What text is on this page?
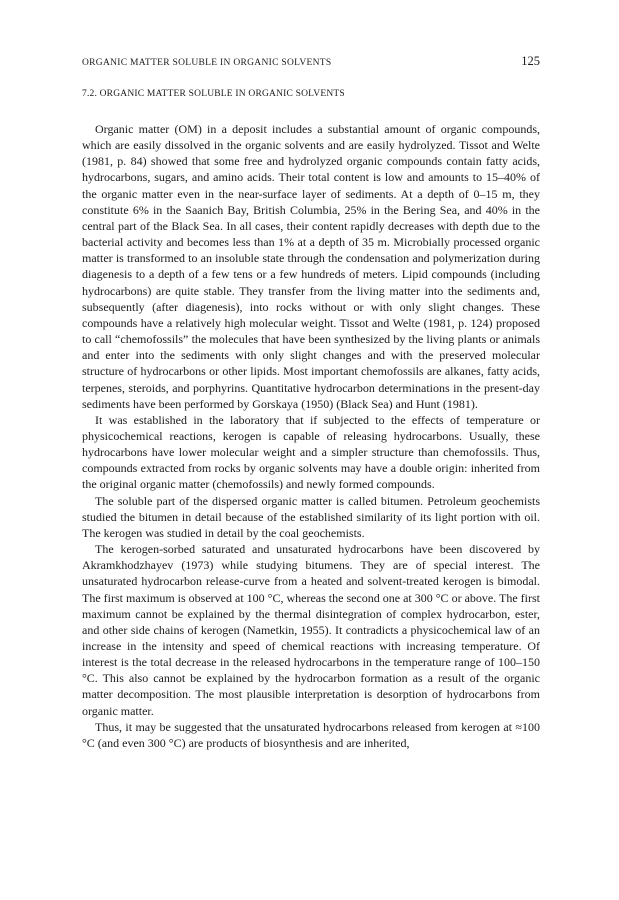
ORGANIC MATTER SOLUBLE IN ORGANIC SOLVENTS	125
7.2. ORGANIC MATTER SOLUBLE IN ORGANIC SOLVENTS

Organic matter (OM) in a deposit includes a substantial amount of organic compounds, which are easily dissolved in the organic solvents and are easily hydrolyzed. Tissot and Welte (1981, p. 84) showed that some free and hydrolyzed organic compounds contain fatty acids, hydrocarbons, sugars, and amino acids. Their total content is low and amounts to 15–40% of the organic matter even in the near-surface layer of sediments. At a depth of 0–15 m, they constitute 6% in the Saanich Bay, British Columbia, 25% in the Bering Sea, and 40% in the central part of the Black Sea. In all cases, their content rapidly decreases with depth due to the bacterial activity and becomes less than 1% at a depth of 35 m. Microbially processed organic matter is transformed to an insoluble state through the condensation and polymerization during diagenesis to a depth of a few tens or a few hundreds of meters. Lipid compounds (including hydrocarbons) are quite stable. They transfer from the living matter into the sediments and, subsequently (after diagenesis), into rocks without or with only slight changes. These compounds have a relatively high molecular weight. Tissot and Welte (1981, p. 124) proposed to call “chemofossils” the molecules that have been synthesized by the living plants or animals and enter into the sediments with only slight changes and with the preserved molecular structure of hydrocarbons or other lipids. Most important chemofossils are alkanes, fatty acids, terpenes, steroids, and porphyrins. Quantitative hydrocarbon determinations in the present-day sediments have been performed by Gorskaya (1950) (Black Sea) and Hunt (1981).

It was established in the laboratory that if subjected to the effects of temperature or physicochemical reactions, kerogen is capable of releasing hydrocarbons. Usually, these hydrocarbons have lower molecular weight and a simpler structure than chemofossils. Thus, compounds extracted from rocks by organic solvents may have a double origin: inherited from the original organic matter (chemofossils) and newly formed compounds.

The soluble part of the dispersed organic matter is called bitumen. Petroleum geochemists studied the bitumen in detail because of the established similarity of its light portion with oil. The kerogen was studied in detail by the coal geochemists.

The kerogen-sorbed saturated and unsaturated hydrocarbons have been discovered by Akramkhodzhayev (1973) while studying bitumens. They are of special interest. The unsaturated hydrocarbon release-curve from a heated and solvent-treated kerogen is bimodal. The first maximum is observed at 100 °C, whereas the second one at 300 °C or above. The first maximum cannot be explained by the thermal disintegration of complex hydrocarbon, ester, and other side chains of kerogen (Nametkin, 1955). It contradicts a physicochemical law of an increase in the intensity and speed of chemical reactions with increasing temperature. Of interest is the total decrease in the released hydrocarbons in the temperature range of 100–150 °C. This also cannot be explained by the hydrocarbon formation as a result of the organic matter decomposition. The most plausible interpretation is desorption of hydrocarbons from organic matter.

Thus, it may be suggested that the unsaturated hydrocarbons released from kerogen at ≈100 °C (and even 300 °C) are products of biosynthesis and are inherited,
